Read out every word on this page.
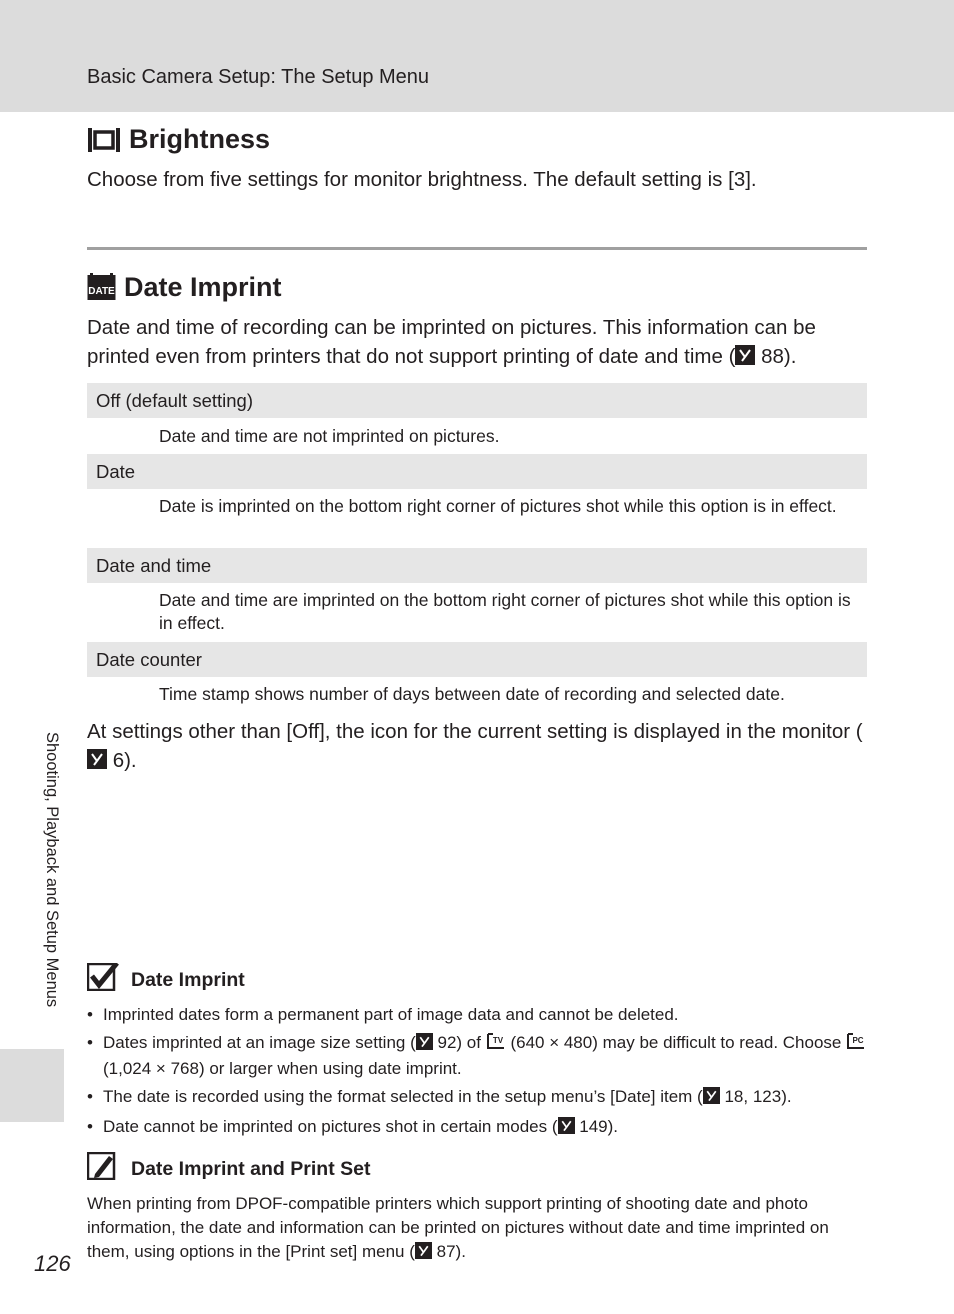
Basic Camera Setup: The Setup Menu
Brightness
Choose from five settings for monitor brightness. The default setting is [3].
DATE Date Imprint
Date and time of recording can be imprinted on pictures. This information can be printed even from printers that do not support printing of date and time ( 88).
Off (default setting)
Date and time are not imprinted on pictures.
Date
Date is imprinted on the bottom right corner of pictures shot while this option is in effect.
Date and time
Date and time are imprinted on the bottom right corner of pictures shot while this option is in effect.
Date counter
Time stamp shows number of days between date of recording and selected date.
At settings other than [Off], the icon for the current setting is displayed in the monitor ( 6).
Date Imprint
• Imprinted dates form a permanent part of image data and cannot be deleted.
• Dates imprinted at an image size setting ( 92) of TV (640 × 480) may be difficult to read. Choose PC
(1,024 × 768) or larger when using date imprint.
• The date is recorded using the format selected in the setup menu’s [Date] item ( 18, 123).
• Date cannot be imprinted on pictures shot in certain modes ( 149).
Date Imprint and Print Set
When printing from DPOF-compatible printers which support printing of shooting date and photo information, the date and information can be printed on pictures without date and time imprinted on them, using options in the [Print set] menu ( 87).
Shooting, Playback and Setup Menus
126
